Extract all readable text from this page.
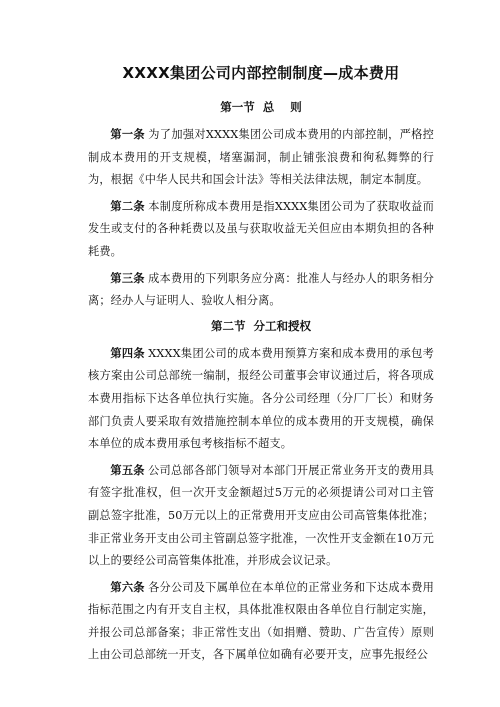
XXXX集团公司内部控制制度—成本费用
第一节  总    则

第一条 为了加强对XXXX集团公司成本费用的内部控制，严格控制成本费用的开支规模，堵塞漏洞，制止铺张浪费和徇私舞弊的行为，根据《中华人民共和国会计法》等相关法律法规，制定本制度。

第二条 本制度所称成本费用是指XXXX集团公司为了获取收益而发生或支付的各种耗费以及虽与获取收益无关但应由本期负担的各种耗费。

第三条 成本费用的下列职务应分离：批准人与经办人的职务相分离；经办人与证明人、验收人相分离。

第二节  分工和授权

第四条 XXXX集团公司的成本费用预算方案和成本费用的承包考核方案由公司总部统一编制，报经公司董事会审议通过后，将各项成本费用指标下达各单位执行实施。各分公司经理（分厂厂长）和财务部门负责人要采取有效措施控制本单位的成本费用的开支规模，确保本单位的成本费用承包考核指标不超支。

第五条 公司总部各部门领导对本部门开展正常业务开支的费用具有签字批准权，但一次开支金额超过5万元的必须提请公司对口主管副总签字批准，50万元以上的正常费用开支应由公司高管集体批准；非正常业务开支由公司主管副总签字批准，一次性开支金额在10万元以上的要经公司高管集体批准，并形成会议记录。

第六条 各分公司及下属单位在本单位的正常业务和下达成本费用指标范围之内有开支自主权，具体批准权限由各单位自行制定实施，并报公司总部备案；非正常性支出（如捐赠、赞助、广告宣传）原则上由公司总部统一开支，各下属单位如确有必要开支，应事先报经公
